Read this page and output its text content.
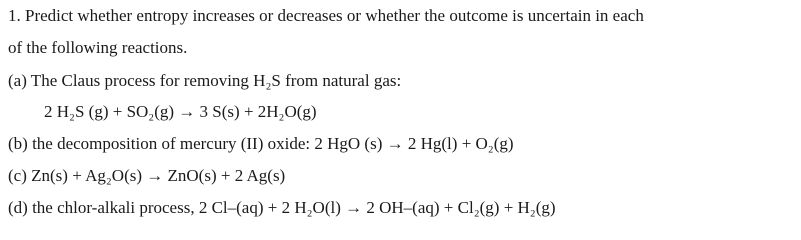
1. Predict whether entropy increases or decreases or whether the outcome is uncertain in each
of the following reactions.
(a) The Claus process for removing H₂S from natural gas:
2 H₂S (g) + SO₂(g) → 3 S(s) + 2H₂O(g)
(b) the decomposition of mercury (II) oxide: 2 HgO (s) → 2 Hg(l) + O₂(g)
(c) Zn(s) + Ag₂O(s) → ZnO(s) + 2 Ag(s)
(d) the chlor-alkali process, 2 Cl–(aq) + 2 H₂O(l) → 2 OH–(aq) + Cl₂(g) + H₂(g)
